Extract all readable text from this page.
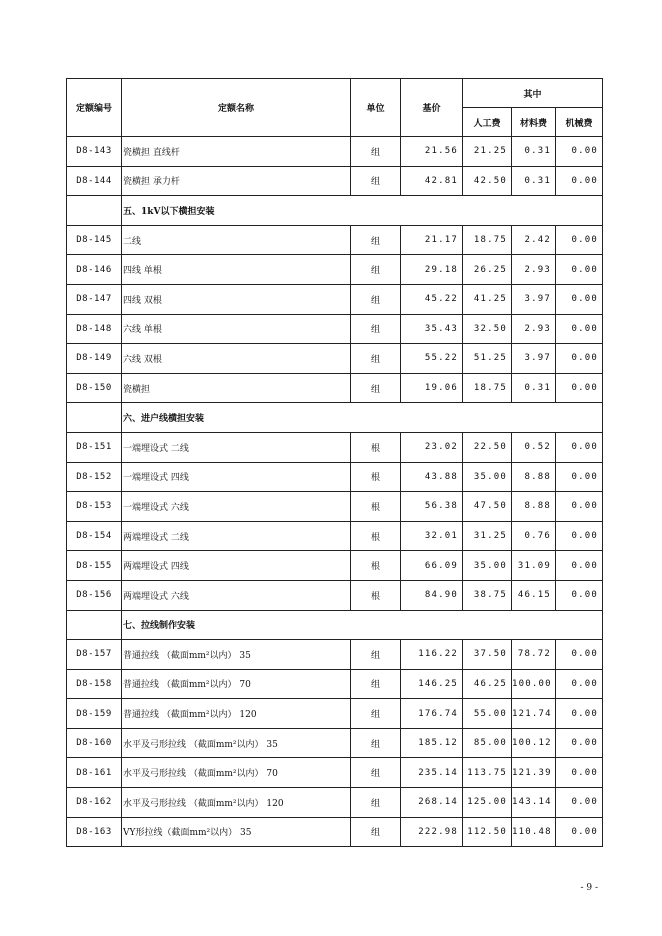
定额编号	定额名称	单位	基价	其中		
				人工费	材料费	机械费
D8-143	瓷横担 直线杆	组	21.56	21.25	0.31	0.00
D8-144	瓷横担 承力杆	组	42.81	42.50	0.31	0.00
	五、1kV以下横担安装					
D8-145	二线	组	21.17	18.75	2.42	0.00
D8-146	四线 单根	组	29.18	26.25	2.93	0.00
D8-147	四线 双根	组	45.22	41.25	3.97	0.00
D8-148	六线 单根	组	35.43	32.50	2.93	0.00
D8-149	六线 双根	组	55.22	51.25	3.97	0.00
D8-150	瓷横担	组	19.06	18.75	0.31	0.00
	六、进户线横担安装					
D8-151	一端埋设式 二线	根	23.02	22.50	0.52	0.00
D8-152	一端埋设式 四线	根	43.88	35.00	8.88	0.00
D8-153	一端埋设式 六线	根	56.38	47.50	8.88	0.00
D8-154	两端埋设式 二线	根	32.01	31.25	0.76	0.00
D8-155	两端埋设式 四线	根	66.09	35.00	31.09	0.00
D8-156	两端埋设式 六线	根	84.90	38.75	46.15	0.00
	七、拉线制作安装					
D8-157	普通拉线 （截面mm²以内） 35	组	116.22	37.50	78.72	0.00
D8-158	普通拉线 （截面mm²以内） 70	组	146.25	46.25	100.00	0.00
D8-159	普通拉线 （截面mm²以内） 120	组	176.74	55.00	121.74	0.00
D8-160	水平及弓形拉线 （截面mm²以内） 35	组	185.12	85.00	100.12	0.00
D8-161	水平及弓形拉线 （截面mm²以内） 70	组	235.14	113.75	121.39	0.00
D8-162	水平及弓形拉线 （截面mm²以内） 120	组	268.14	125.00	143.14	0.00
D8-163	VY形拉线（截面mm²以内） 35	组	222.98	112.50	110.48	0.00
- 9 -
